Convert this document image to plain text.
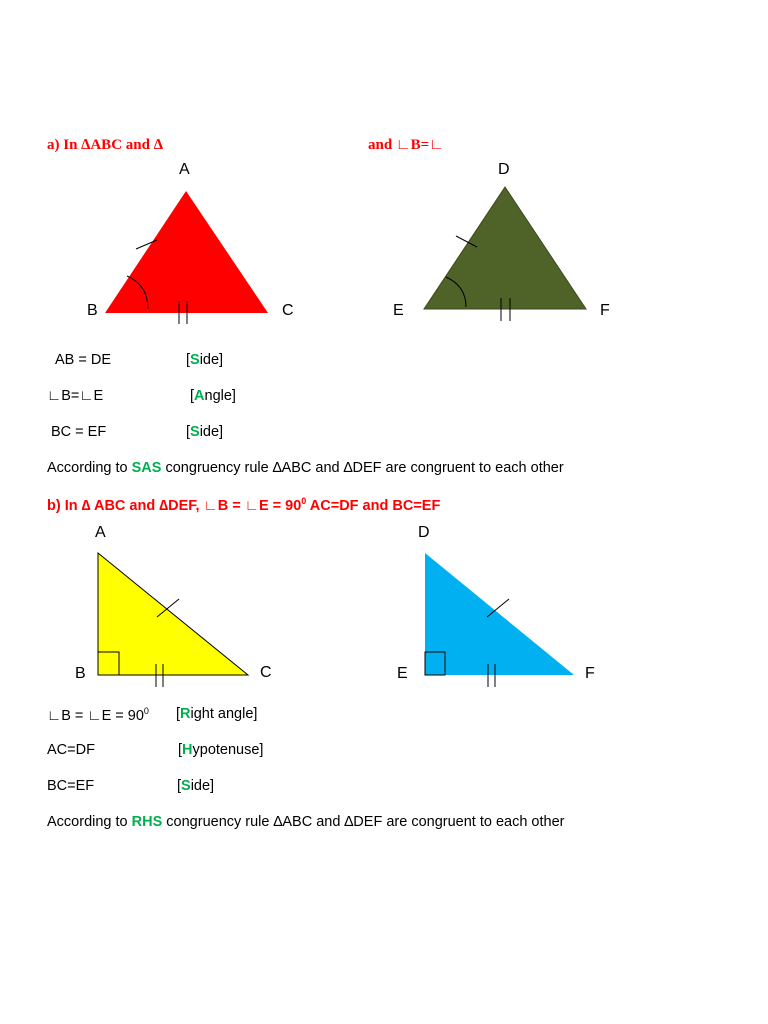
a) In ∆ABC and ∆	and ∟B=∟
A
B	C
D
E	F
AB = DE	[Side]
∟B=∟E	[Angle]
BC = EF	[Side]
According to SAS congruency rule ∆ABC and ∆DEF are congruent to each other
b) In ∆ ABC and ∆DEF, ∟B = ∟E = $90^0$ AC=DF and BC=EF
A
B	C
D
E	F
∟B = ∟E = $90^0$ [Right angle]
AC=DF	[Hypotenuse]
BC=EF	[Side]
According to RHS congruency rule ∆ABC and ∆DEF are congruent to each other
